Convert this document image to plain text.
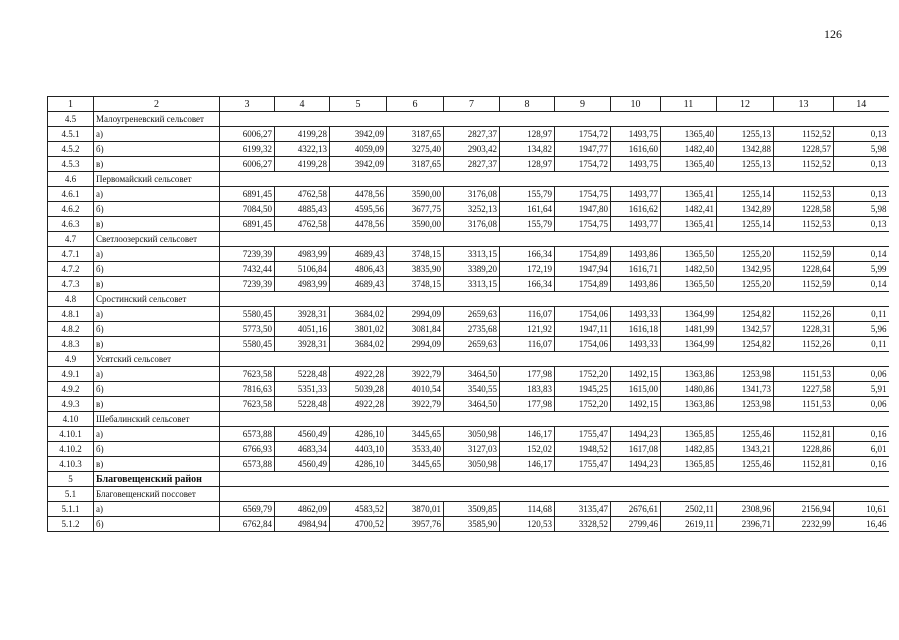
126
1	2	3	4	5	6	7	8	9	10	11	12	13	14
4.5	Малоугреневский сельсовет												
4.5.1	а)	6006,27	4199,28	3942,09	3187,65	2827,37	128,97	1754,72	1493,75	1365,40	1255,13	1152,52	0,13
4.5.2	б)	6199,32	4322,13	4059,09	3275,40	2903,42	134,82	1947,77	1616,60	1482,40	1342,88	1228,57	5,98
4.5.3	в)	6006,27	4199,28	3942,09	3187,65	2827,37	128,97	1754,72	1493,75	1365,40	1255,13	1152,52	0,13
4.6	Первомайский сельсовет												
4.6.1	а)	6891,45	4762,58	4478,56	3590,00	3176,08	155,79	1754,75	1493,77	1365,41	1255,14	1152,53	0,13
4.6.2	б)	7084,50	4885,43	4595,56	3677,75	3252,13	161,64	1947,80	1616,62	1482,41	1342,89	1228,58	5,98
4.6.3	в)	6891,45	4762,58	4478,56	3590,00	3176,08	155,79	1754,75	1493,77	1365,41	1255,14	1152,53	0,13
4.7	Светлоозерский сельсовет												
4.7.1	а)	7239,39	4983,99	4689,43	3748,15	3313,15	166,34	1754,89	1493,86	1365,50	1255,20	1152,59	0,14
4.7.2	б)	7432,44	5106,84	4806,43	3835,90	3389,20	172,19	1947,94	1616,71	1482,50	1342,95	1228,64	5,99
4.7.3	в)	7239,39	4983,99	4689,43	3748,15	3313,15	166,34	1754,89	1493,86	1365,50	1255,20	1152,59	0,14
4.8	Сростинский сельсовет												
4.8.1	а)	5580,45	3928,31	3684,02	2994,09	2659,63	116,07	1754,06	1493,33	1364,99	1254,82	1152,26	0,11
4.8.2	б)	5773,50	4051,16	3801,02	3081,84	2735,68	121,92	1947,11	1616,18	1481,99	1342,57	1228,31	5,96
4.8.3	в)	5580,45	3928,31	3684,02	2994,09	2659,63	116,07	1754,06	1493,33	1364,99	1254,82	1152,26	0,11
4.9	Усятский сельсовет												
4.9.1	а)	7623,58	5228,48	4922,28	3922,79	3464,50	177,98	1752,20	1492,15	1363,86	1253,98	1151,53	0,06
4.9.2	б)	7816,63	5351,33	5039,28	4010,54	3540,55	183,83	1945,25	1615,00	1480,86	1341,73	1227,58	5,91
4.9.3	в)	7623,58	5228,48	4922,28	3922,79	3464,50	177,98	1752,20	1492,15	1363,86	1253,98	1151,53	0,06
4.10	Шебалинский сельсовет												
4.10.1	а)	6573,88	4560,49	4286,10	3445,65	3050,98	146,17	1755,47	1494,23	1365,85	1255,46	1152,81	0,16
4.10.2	б)	6766,93	4683,34	4403,10	3533,40	3127,03	152,02	1948,52	1617,08	1482,85	1343,21	1228,86	6,01
4.10.3	в)	6573,88	4560,49	4286,10	3445,65	3050,98	146,17	1755,47	1494,23	1365,85	1255,46	1152,81	0,16
5	Благовещенский район												
5.1	Благовещенский поссовет												
5.1.1	а)	6569,79	4862,09	4583,52	3870,01	3509,85	114,68	3135,47	2676,61	2502,11	2308,96	2156,94	10,61
5.1.2	б)	6762,84	4984,94	4700,52	3957,76	3585,90	120,53	3328,52	2799,46	2619,11	2396,71	2232,99	16,46
